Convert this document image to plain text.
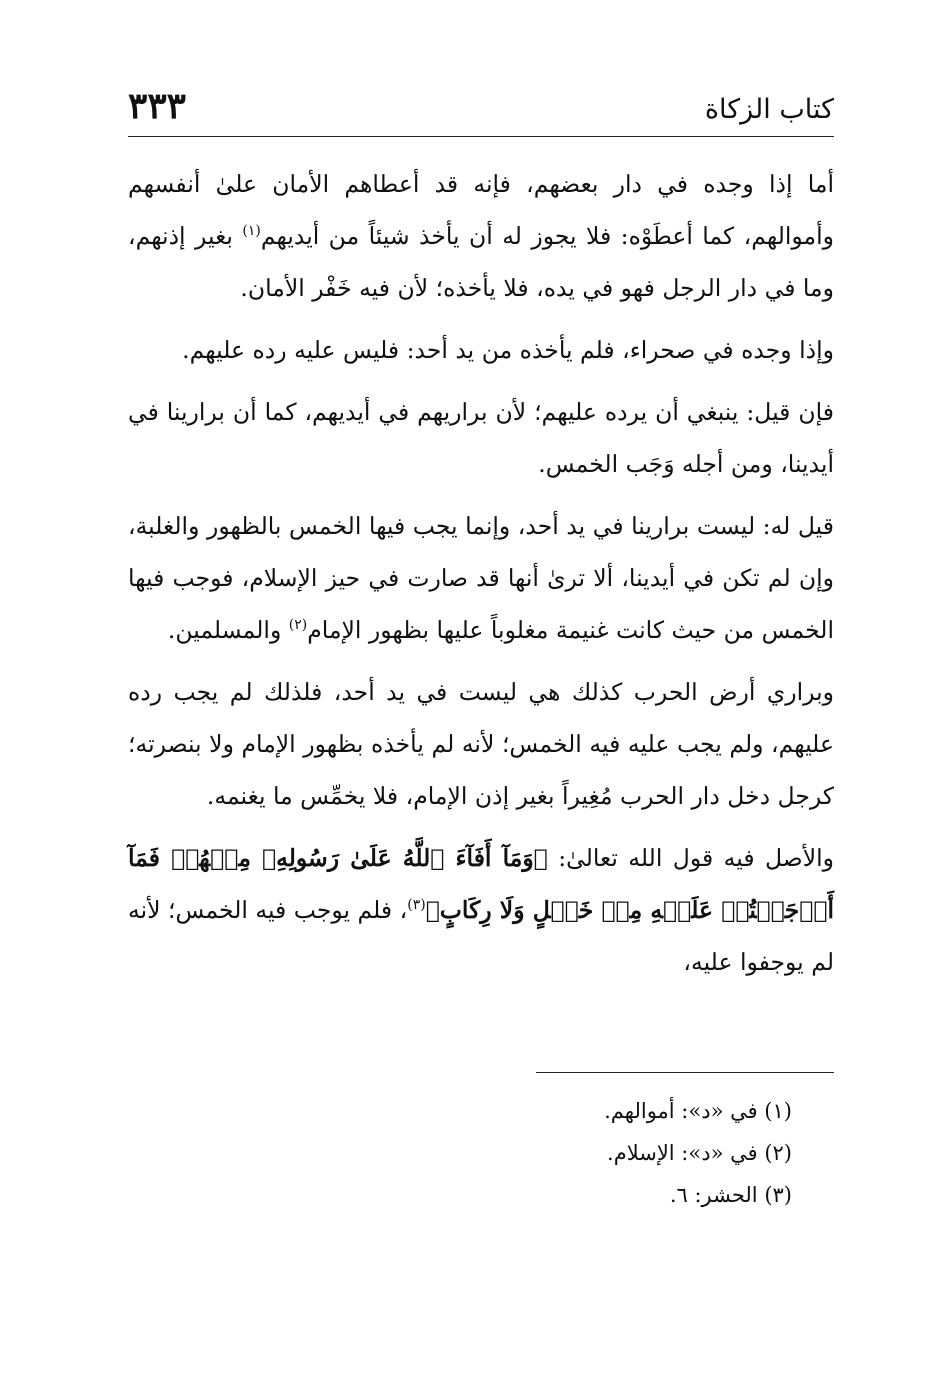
كتاب الزكاة
٣٣٣

أما إذا وجده في دار بعضهم، فإنه قد أعطاهم الأمان علىٰ أنفسهم وأموالهم، كما أعطَوْه: فلا يجوز له أن يأخذ شيئاً من أيديهم$^{(١)}$ بغير إذنهم، وما في دار الرجل فهو في يده، فلا يأخذه؛ لأن فيه خَفْر الأمان.

وإذا وجده في صحراء، فلم يأخذه من يد أحد: فليس عليه رده عليهم.

فإن قيل: ينبغي أن يرده عليهم؛ لأن براريهم في أيديهم، كما أن برارينا في أيدينا، ومن أجله وَجَب الخمس.

قيل له: ليست برارينا في يد أحد، وإنما يجب فيها الخمس بالظهور والغلبة، وإن لم تكن في أيدينا، ألا ترىٰ أنها قد صارت في حيز الإسلام، فوجب فيها الخمس من حيث كانت غنيمة مغلوباً عليها بظهور الإمام$^{(٢)}$ والمسلمين.

وبراري أرض الحرب كذلك هي ليست في يد أحد، فلذلك لم يجب رده عليهم، ولم يجب عليه فيه الخمس؛ لأنه لم يأخذه بظهور الإمام ولا بنصرته؛ كرجل دخل دار الحرب مُغِيراً بغير إذن الإمام، فلا يخمِّس ما يغنمه.

والأصل فيه قول الله تعالىٰ: ﴿وَمَآ أَفَآءَ ٱللَّهُ عَلَىٰ رَسُولِهِۦ مِنۡهُمۡ فَمَآ أَوۡجَفۡتُمۡ عَلَيۡهِ مِنۡ خَيۡلٍ وَلَا رِكَابٍ﴾$^{(٣)}$، فلم يوجب فيه الخمس؛ لأنه لم يوجفوا عليه،

(١) في «د»: أموالهم.

(٢) في «د»: الإسلام.

(٣) الحشر: ٦.
